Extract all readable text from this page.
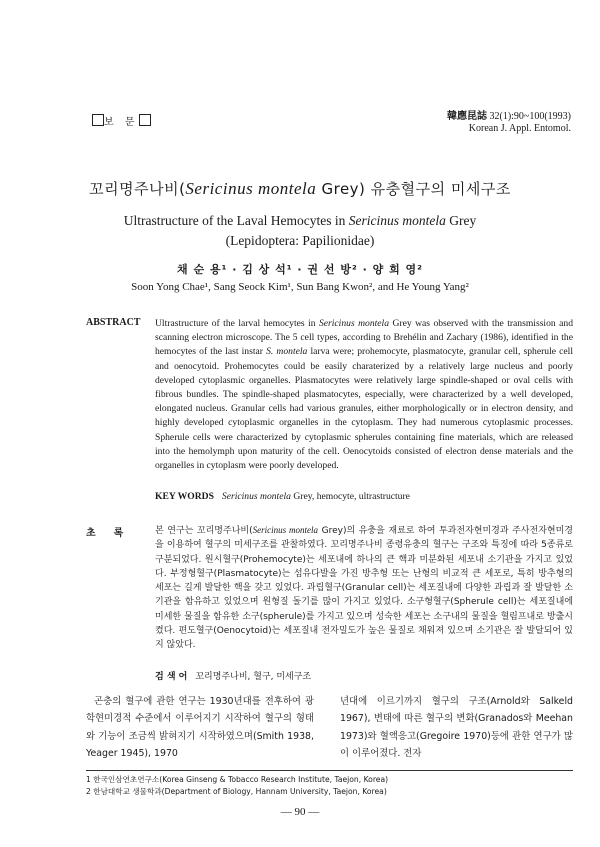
보 문
韓應昆誌 32(1):90~100(1993)
Korean J. Appl. Entomol.
꼬리명주나비(Sericinus montela Grey) 유충혈구의 미세구조
Ultrastructure of the Laval Hemocytes in Sericinus montela Grey
(Lepidoptera: Papilionidae)
채 순 용¹ · 김 상 석¹ · 권 선 방² · 양 희 영²
Soon Yong Chae¹, Sang Seock Kim¹, Sun Bang Kwon², and He Young Yang²
ABSTRACT Ultrastructure of the larval hemocytes in Sericinus montela Grey was observed with the transmission and scanning electron microscope. The 5 cell types, according to Brehélin and Zachary (1986), identified in the hemocytes of the last instar S. montela larva were; prohemocyte, plasmatocyte, granular cell, spherule cell and oenocytoid. Prohemocytes could be easily charaterized by a relatively large nucleus and poorly developed cytoplasmic organelles. Plasmatocytes were relatively large spindle-shaped or oval cells with fibrous bundles. The spindle-shaped plasmatocytes, especially, were characterized by a well developed, elongated nucleus. Granular cells had various granules, either morphologically or in electron density, and highly developed cytoplasmic organelles in the cytoplasm. They had numerous cytoplasmic processes. Spherule cells were characterized by cytoplasmic spherules containing fine materials, which are released into the hemolymph upon maturity of the cell. Oenocytoids consisted of electron dense materials and the organelles in cytoplasm were poorly developed.
KEY WORDS Sericinus montela Grey, hemocyte, ultrastructure
초록 본 연구는 꼬리명주나비(Sericinus montela Grey)의 유충을 재료로 하여 투과전자현미경과 주사전자현미경을 이용하여 혈구의 미세구조를 관찰하였다. 꼬리명주나비 종령유충의 혈구는 구조와 특징에 따라 5종류로 구분되었다. 원시혈구(Prohemocyte)는 세포내에 하나의 큰 핵과 미분화된 세포내 소기관을 가지고 있었다. 부정형혈구(Plasmatocyte)는 섬유다발을 가진 방추형 또는 난형의 비교적 큰 세포로, 특히 방추형의 세포는 길게 발달한 핵을 갖고 있었다. 과립혈구(Granular cell)는 세포질내에 다양한 과립과 잘 발달한 소기관을 함유하고 있었으며 원형질 돌기를 많이 가지고 있었다. 소구형혈구(Spherule cell)는 세포질내에 미세한 물질을 함유한 소구(spherule)를 가지고 있으며 성숙한 세포는 소구내의 물질을 혈림프내로 방출시켰다. 편도혈구(Oenocytoid)는 세포질내 전자밀도가 높은 물질로 채워져 있으며 소기관은 잘 발달되어 있지 않았다.
검 색 어 꼬리명주나비, 혈구, 미세구조
곤충의 혈구에 관한 연구는 1930년대를 전후하여 광학현미경적 수준에서 이루어지기 시작하여 혈구의 형태와 기능이 조금씩 밝혀지기 시작하였으며(Smith 1938, Yeager 1945), 1970
년대에 이르기까지 혈구의 구조(Arnold와 Salkeld 1967), 변태에 따른 혈구의 변화(Granados와 Meehan 1973)와 혈액응고(Gregoire 1970)등에 관한 연구가 많이 이루어졌다. 전자
1 한국인삼연초연구소(Korea Ginseng & Tobacco Research Institute, Taejon, Korea)
2 한남대학교 생물학과(Department of Biology, Hannam University, Taejon, Korea)
— 90 —
